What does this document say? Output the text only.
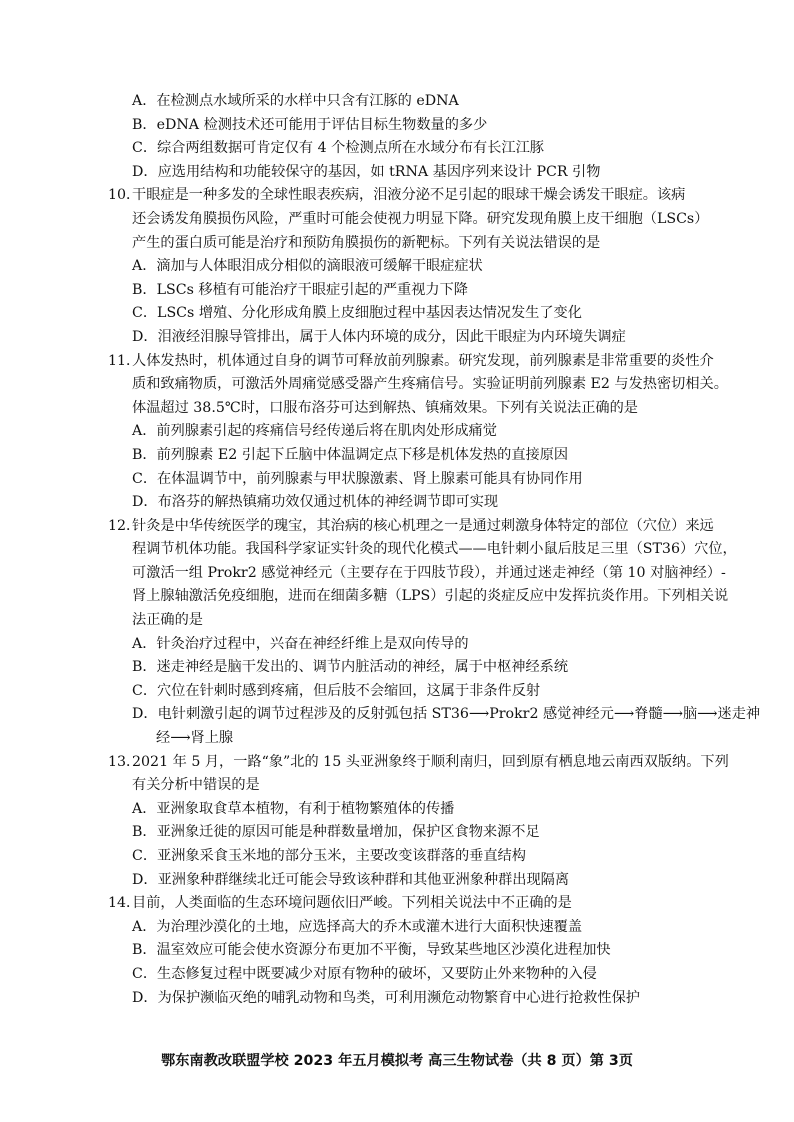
A．在检测点水域所采的水样中只含有江豚的 eDNA
B．eDNA 检测技术还可能用于评估目标生物数量的多少
C．综合两组数据可肯定仅有 4 个检测点所在水域分布有长江江豚
D．应选用结构和功能较保守的基因，如 tRNA 基因序列来设计 PCR 引物
10．
干眼症是一种多发的全球性眼表疾病，泪液分泌不足引起的眼球干燥会诱发干眼症。该病
还会诱发角膜损伤风险，严重时可能会使视力明显下降。研究发现角膜上皮干细胞（LSCs）
产生的蛋白质可能是治疗和预防角膜损伤的新靶标。下列有关说法错误的是
A．滴加与人体眼泪成分相似的滴眼液可缓解干眼症症状
B．LSCs 移植有可能治疗干眼症引起的严重视力下降
C．LSCs 增殖、分化形成角膜上皮细胞过程中基因表达情况发生了变化
D．泪液经泪腺导管排出，属于人体内环境的成分，因此干眼症为内环境失调症
11．
人体发热时，机体通过自身的调节可释放前列腺素。研究发现，前列腺素是非常重要的炎性介
质和致痛物质，可激活外周痛觉感受器产生疼痛信号。实验证明前列腺素 E2 与发热密切相关。
体温超过 38.5℃时，口服布洛芬可达到解热、镇痛效果。下列有关说法正确的是
A．前列腺素引起的疼痛信号经传递后将在肌肉处形成痛觉
B．前列腺素 E2 引起下丘脑中体温调定点下移是机体发热的直接原因
C．在体温调节中，前列腺素与甲状腺激素、肾上腺素可能具有协同作用
D．布洛芬的解热镇痛功效仅通过机体的神经调节即可实现
12．
针灸是中华传统医学的瑰宝，其治病的核心机理之一是通过刺激身体特定的部位（穴位）来远
程调节机体功能。我国科学家证实针灸的现代化模式——电针刺小鼠后肢足三里（ST36）穴位，
可激活一组 Prokr2 感觉神经元（主要存在于四肢节段），并通过迷走神经（第 10 对脑神经）-
肾上腺轴激活免疫细胞，进而在细菌多糖（LPS）引起的炎症反应中发挥抗炎作用。下列相关说
法正确的是
A．针灸治疗过程中，兴奋在神经纤维上是双向传导的
B．迷走神经是脑干发出的、调节内脏活动的神经，属于中枢神经系统
C．穴位在针刺时感到疼痛，但后肢不会缩回，这属于非条件反射
D．电针刺激引起的调节过程涉及的反射弧包括 ST36⟶Prokr2 感觉神经元⟶脊髓⟶脑⟶迷走神
经⟶肾上腺
13．
2021 年 5 月，一路“象”北的 15 头亚洲象终于顺利南归，回到原有栖息地云南西双版纳。下列
有关分析中错误的是
A．亚洲象取食草本植物，有利于植物繁殖体的传播
B．亚洲象迁徙的原因可能是种群数量增加，保护区食物来源不足
C．亚洲象采食玉米地的部分玉米，主要改变该群落的垂直结构
D．亚洲象种群继续北迁可能会导致该种群和其他亚洲象种群出现隔离
14．
目前，人类面临的生态环境问题依旧严峻。下列相关说法中不正确的是
A．为治理沙漠化的土地，应选择高大的乔木或灌木进行大面积快速覆盖
B．温室效应可能会使水资源分布更加不平衡，导致某些地区沙漠化进程加快
C．生态修复过程中既要减少对原有物种的破坏，又要防止外来物种的入侵
D．为保护濒临灭绝的哺乳动物和鸟类，可利用濒危动物繁育中心进行抢救性保护
鄂东南教改联盟学校 2023 年五月模拟考 高三生物试卷（共 8 页）第 3页
